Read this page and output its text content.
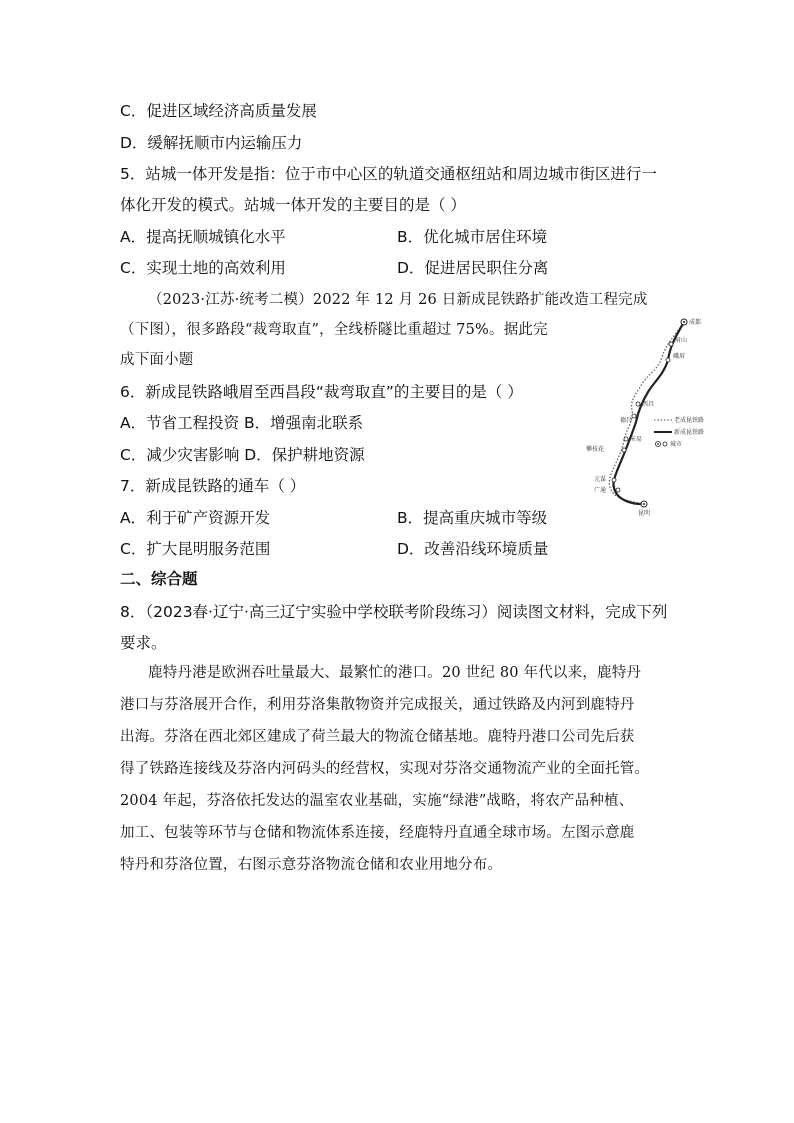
C．促进区域经济高质量发展
D．缓解抚顺市内运输压力
5．站城一体开发是指：位于市中心区的轨道交通枢纽站和周边城市街区进行一
体化开发的模式。站城一体开发的主要目的是（ ）
A．提高抚顺城镇化水平	B．优化城市居住环境
C．实现土地的高效利用	D．促进居民职住分离
（2023·江苏·统考二模）2022 年 12 月 26 日新成昆铁路扩能改造工程完成
（下图），很多路段“裁弯取直”，全线桥隧比重超过 75%。据此完
成下面小题
成都
眉山
峨眉
西昌
德昌
米易
攀枝花
元谋
广通
昆明
老成昆铁路
新成昆铁路
城市
6．新成昆铁路峨眉至西昌段“裁弯取直”的主要目的是（ ）
A．节省工程投资 B．增强南北联系
C．减少灾害影响 D．保护耕地资源
7．新成昆铁路的通车（ ）
A．利于矿产资源开发	B．提高重庆城市等级
C．扩大昆明服务范围	D．改善沿线环境质量
二、综合题
8．（2023春·辽宁·高三辽宁实验中学校联考阶段练习）阅读图文材料，完成下列
要求。
鹿特丹港是欧洲吞吐量最大、最繁忙的港口。20 世纪 80 年代以来，鹿特丹
港口与芬洛展开合作，利用芬洛集散物资并完成报关，通过铁路及内河到鹿特丹
出海。芬洛在西北郊区建成了荷兰最大的物流仓储基地。鹿特丹港口公司先后获
得了铁路连接线及芬洛内河码头的经营权，实现对芬洛交通物流产业的全面托管。
2004 年起，芬洛依托发达的温室农业基础，实施“绿港”战略，将农产品种植、
加工、包装等环节与仓储和物流体系连接，经鹿特丹直通全球市场。左图示意鹿
特丹和芬洛位置，右图示意芬洛物流仓储和农业用地分布。
